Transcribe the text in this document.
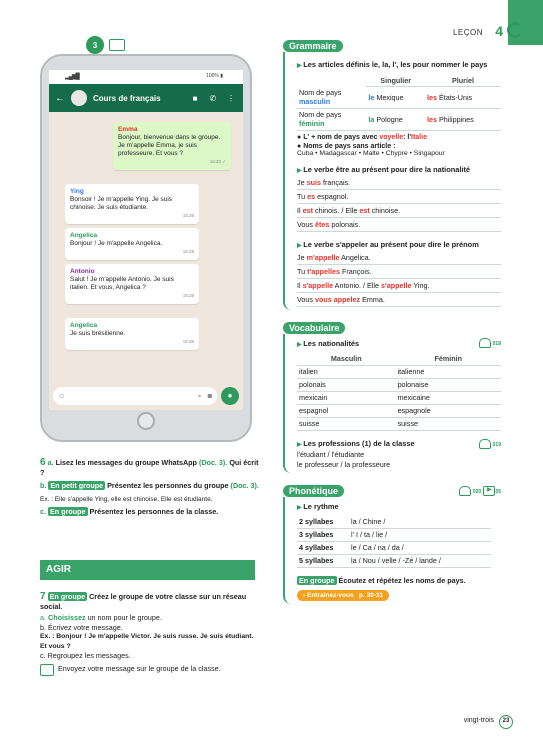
LEÇON 4
DOC
3
▂▄▆█	100% ▮
←	Cours de français	■	✆	⋮
Emma
Bonjour, bienvenue dans le groupe. Je m'appelle Emma, je suis professeure. Et vous ?
15:20 ✓
Ying
Bonsoir ! Je m'appelle Ying. Je suis chinoise. Je suis étudiante.
15:26
Angelica
Bonjour ! Je m'appelle Angelica.
15:29
Antonio
Salut ! Je m'appelle Antonio. Je suis italien. Et vous, Angelica ?
15:29
Angelica
Je suis brésilienne.
15:36
☺	⌁ ◙	●
6 a. Lisez les messages du groupe WhatsApp (Doc. 3). Qui écrit ?
b. En petit groupe Présentez les personnes du groupe (Doc. 3).
Ex. : Elle s'appelle Ying, elle est chinoise. Elle est étudiante.
c. En groupe Présentez les personnes de la classe.
AGIR
7 En groupe Créez le groupe de votre classe sur un réseau social.
a. Choisissez un nom pour le groupe.
b. Écrivez votre message.
Ex. : Bonjour ! Je m'appelle Victor. Je suis russe. Je suis étudiant. Et vous ?
c. Regroupez les messages.
Envoyez votre message sur le groupe de la classe.
Grammaire
▶ Les articles définis le, la, l', les pour nommer le pays
	Singulier	Pluriel
Nom de pays
masculin	le Mexique	les États-Unis
Nom de pays
féminin	la Pologne	les Philippines
● L' + nom de pays avec voyelle: l'Italie
● Noms de pays sans article :
Cuba • Madagascar • Malte • Chypre • Singapour
▶ Le verbe être au présent pour dire la nationalité
Je suis français.
Tu es espagnol.
Il est chinois. / Elle est chinoise.
Vous êtes polonais.
▶ Le verbe s'appeler au présent pour dire le prénom
Je m'appelle Angelica.
Tu t'appelles François.
Il s'appelle Antonio. / Elle s'appelle Ying.
Vous vous appelez Emma.
Vocabulaire
▶ Les nationalités	018
Masculin	Féminin
italien	italienne
polonais	polonaise
mexicain	mexicaine
espagnol	espagnole
suisse	suisse
▶ Les professions (1) de la classe	019
l'étudiant / l'étudiante
le professeur / la professeure
Phonétique	020 ▶ 05
▶ Le rythme
2 syllabes	la / Chine /
3 syllabes	l' I / ta / lie /
4 syllabes	le / Ca / na / da /
5 syllabes	la / Nou / velle / -Zé / lande /
En groupe Écoutez et répétez les noms de pays.
› Entraînez-vous p. 30-31
vingt-trois 23
